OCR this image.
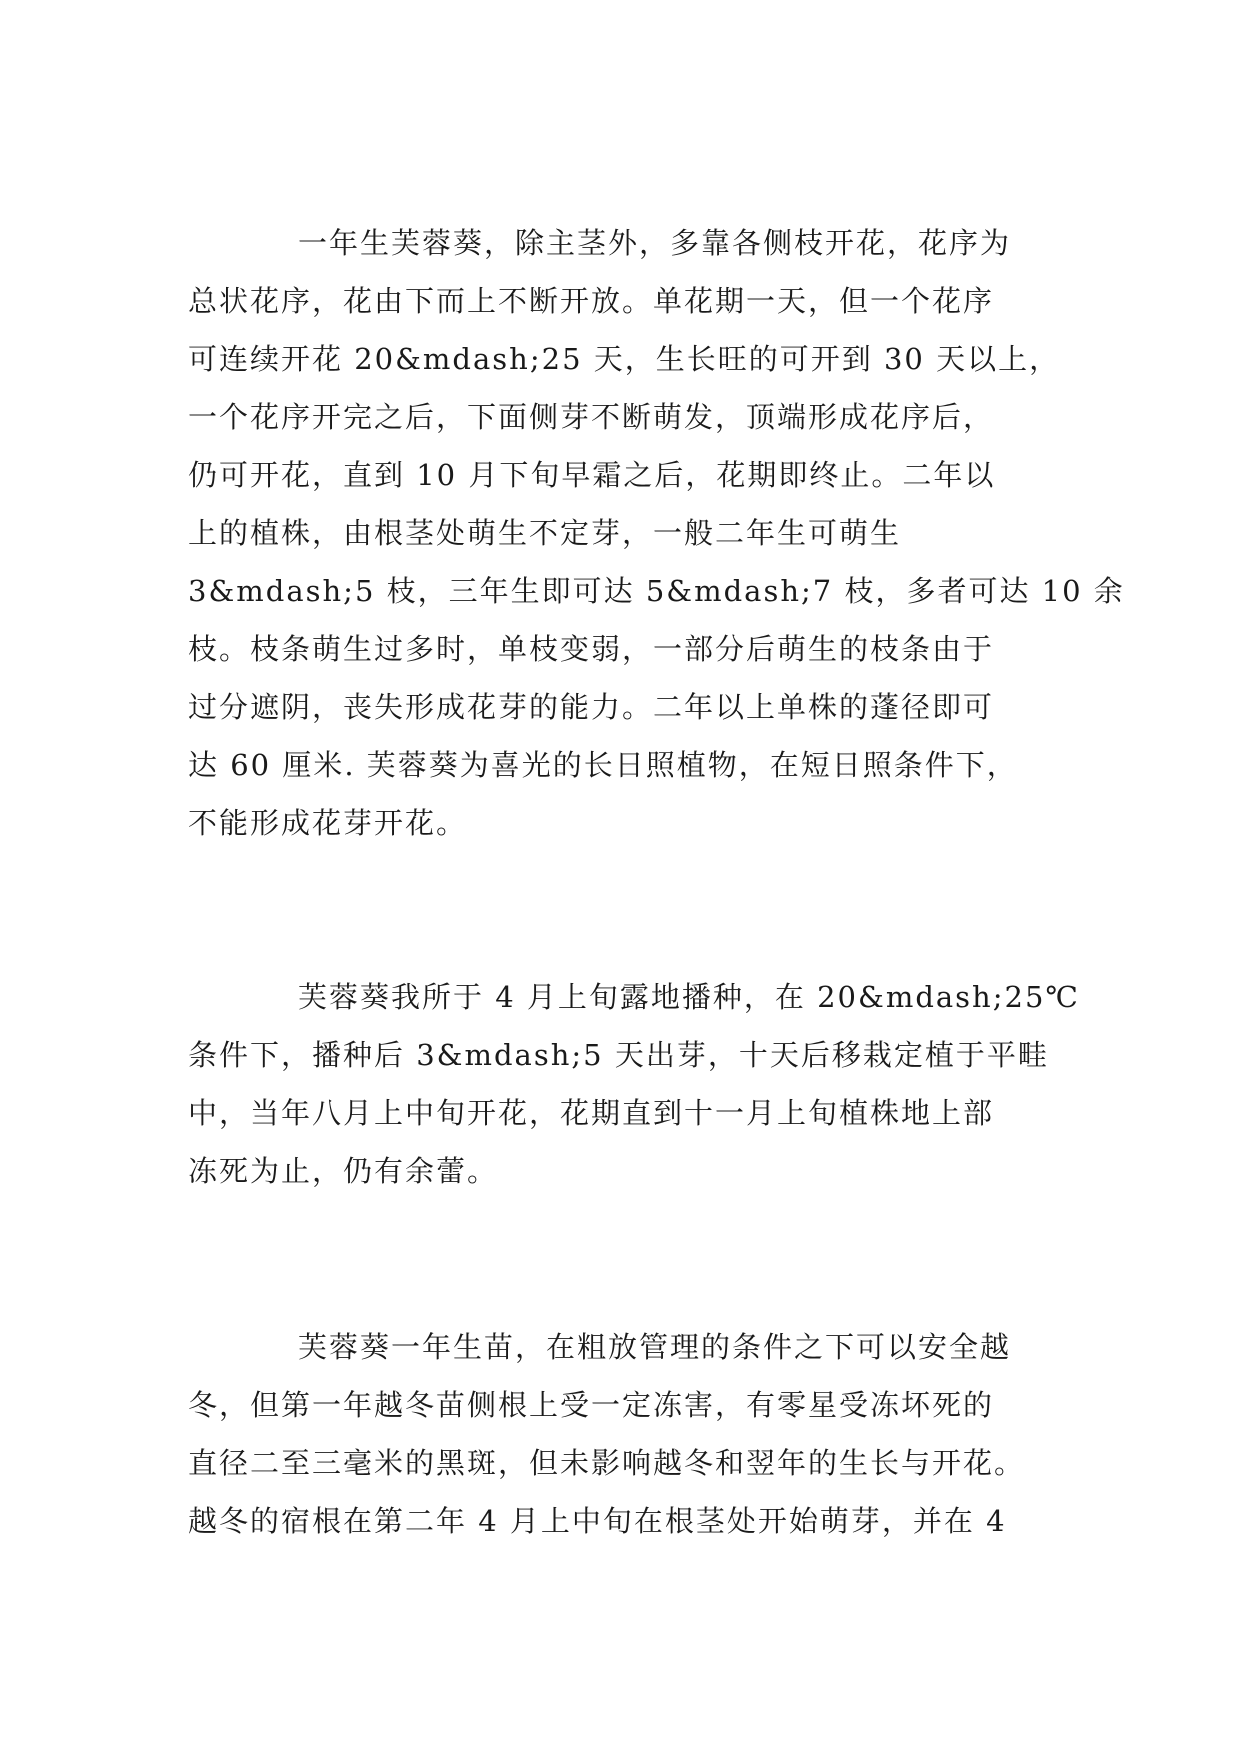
一年生芙蓉葵，除主茎外，多靠各侧枝开花，花序为
总状花序，花由下而上不断开放。单花期一天，但一个花序
可连续开花 20&mdash;25 天，生长旺的可开到 30 天以上，
一个花序开完之后，下面侧芽不断萌发，顶端形成花序后，
仍可开花，直到 10 月下旬早霜之后，花期即终止。二年以
上的植株，由根茎处萌生不定芽，一般二年生可萌生
3&mdash;5 枝，三年生即可达 5&mdash;7 枝，多者可达 10 余
枝。枝条萌生过多时，单枝变弱，一部分后萌生的枝条由于
过分遮阴，丧失形成花芽的能力。二年以上单株的蓬径即可
达 60 厘米. 芙蓉葵为喜光的长日照植物，在短日照条件下，
不能形成花芽开花。
芙蓉葵我所于 4 月上旬露地播种，在 20&mdash;25℃
条件下，播种后 3&mdash;5 天出芽，十天后移栽定植于平畦
中，当年八月上中旬开花，花期直到十一月上旬植株地上部
冻死为止，仍有余蕾。
芙蓉葵一年生苗，在粗放管理的条件之下可以安全越
冬，但第一年越冬苗侧根上受一定冻害，有零星受冻坏死的
直径二至三毫米的黑斑，但未影响越冬和翌年的生长与开花。
越冬的宿根在第二年 4 月上中旬在根茎处开始萌芽，并在 4
